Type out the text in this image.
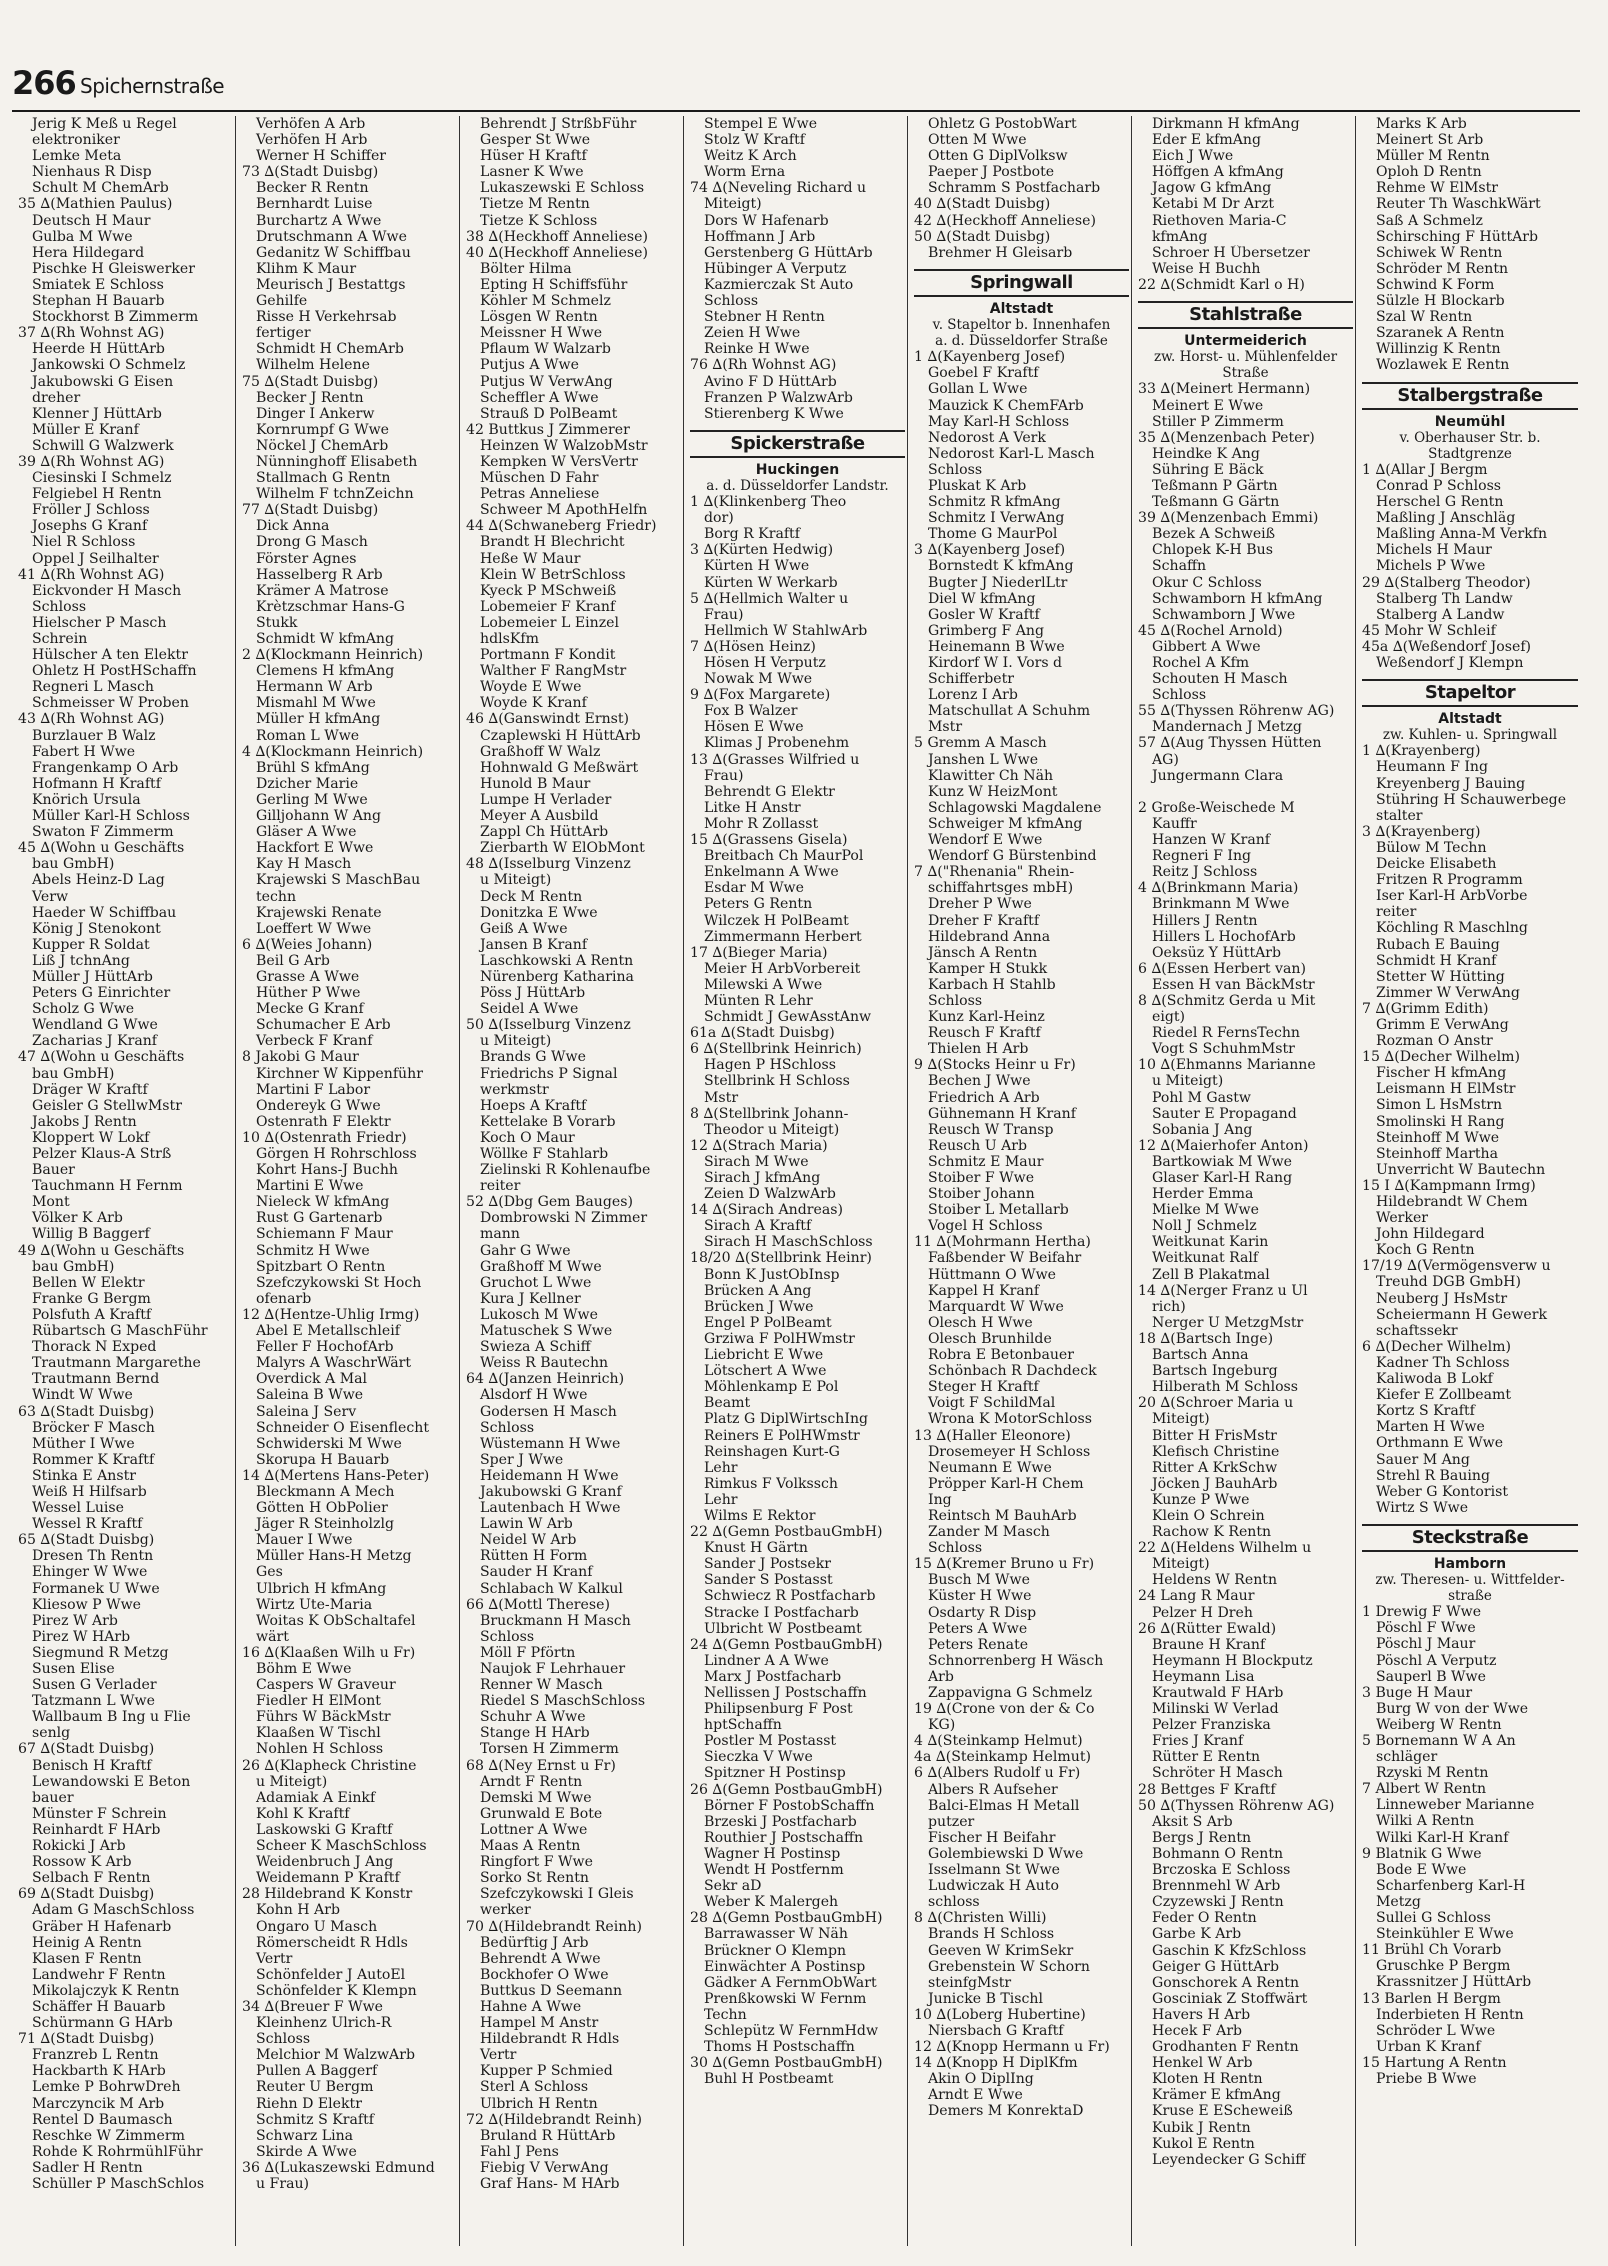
266 Spichernstraße
Jerig K Meß u Regel
elektroniker
Lemke Meta
Nienhaus R Disp
Schult M ChemArb
35 ∆(Mathien Paulus)
Deutsch H Maur
Gulba M Wwe
Hera Hildegard
Pischke H Gleiswerker
Smiatek E Schloss
Stephan H Bauarb
Stockhorst B Zimmerm
37 ∆(Rh Wohnst AG)
Heerde H HüttArb
Jankowski O Schmelz
Jakubowski G Eisen
dreher
Klenner J HüttArb
Müller E Kranf
Schwill G Walzwerk
39 ∆(Rh Wohnst AG)
Ciesinski I Schmelz
Felgiebel H Rentn
Fröller J Schloss
Josephs G Kranf
Niel R Schloss
Oppel J Seilhalter
41 ∆(Rh Wohnst AG)
Eickvonder H Masch
Schloss
Hielscher P Masch
Schrein
Hülscher A ten Elektr
Ohletz H PostHSchaffn
Regneri L Masch
Schmeisser W Proben
43 ∆(Rh Wohnst AG)
Burzlauer B Walz
Fabert H Wwe
Frangenkamp O Arb
Hofmann H Kraftf
Knörich Ursula
Müller Karl-H Schloss
Swaton F Zimmerm
45 ∆(Wohn u Geschäfts
bau GmbH)
Abels Heinz-D Lag
Verw
Haeder W Schiffbau
König J Stenokont
Kupper R Soldat
Liß J tchnAng
Müller J HüttArb
Peters G Einrichter
Scholz G Wwe
Wendland G Wwe
Zacharias J Kranf
47 ∆(Wohn u Geschäfts
bau GmbH)
Dräger W Kraftf
Geisler G StellwMstr
Jakobs J Rentn
Kloppert W Lokf
Pelzer Klaus-A Strß
Bauer
Tauchmann H Fernm
Mont
Völker K Arb
Willig B Baggerf
49 ∆(Wohn u Geschäfts
bau GmbH)
Bellen W Elektr
Franke G Bergm
Polsfuth A Kraftf
Rübartsch G MaschFühr
Thorack N Exped
Trautmann Margarethe
Trautmann Bernd
Windt W Wwe
63 ∆(Stadt Duisbg)
Bröcker F Masch
Müther I Wwe
Rommer K Kraftf
Stinka E Anstr
Weiß H Hilfsarb
Wessel Luise
Wessel R Kraftf
65 ∆(Stadt Duisbg)
Dresen Th Rentn
Ehinger W Wwe
Formanek U Wwe
Kliesow P Wwe
Pirez W Arb
Pirez W HArb
Siegmund R Metzg
Susen Elise
Susen G Verlader
Tatzmann L Wwe
Wallbaum B Ing u Flie
senlg
67 ∆(Stadt Duisbg)
Benisch H Kraftf
Lewandowski E Beton
bauer
Münster F Schrein
Reinhardt F HArb
Rokicki J Arb
Rossow K Arb
Selbach F Rentn
69 ∆(Stadt Duisbg)
Adam G MaschSchloss
Gräber H Hafenarb
Heinig A Rentn
Klasen F Rentn
Landwehr F Rentn
Mikolajczyk K Rentn
Schäffer H Bauarb
Schürmann G HArb
71 ∆(Stadt Duisbg)
Franzreb L Rentn
Hackbarth K HArb
Lemke P BohrwDreh
Marczyncik M Arb
Rentel D Baumasch
Reschke W Zimmerm
Rohde K RohrmühlFühr
Sadler H Rentn
Schüller P MaschSchlos
Verhöfen A Arb
Verhöfen H Arb
Werner H Schiffer
73 ∆(Stadt Duisbg)
Becker R Rentn
Bernhardt Luise
Burchartz A Wwe
Drutschmann A Wwe
Gedanitz W Schiffbau
Klihm K Maur
Meurisch J Bestattgs
Gehilfe
Risse H Verkehrsab
fertiger
Schmidt H ChemArb
Wilhelm Helene
75 ∆(Stadt Duisbg)
Becker J Rentn
Dinger I Ankerw
Kornrumpf G Wwe
Nöckel J ChemArb
Nünninghoff Elisabeth
Stallmach G Rentn
Wilhelm F tchnZeichn
77 ∆(Stadt Duisbg)
Dick Anna
Drong G Masch
Förster Agnes
Hasselberg R Arb
Krämer A Matrose
Krètzschmar Hans-G
Stukk
Schmidt W kfmAng
2 ∆(Klockmann Heinrich)
Clemens H kfmAng
Hermann W Arb
Mismahl M Wwe
Müller H kfmAng
Roman L Wwe
4 ∆(Klockmann Heinrich)
Brühl S kfmAng
Dzicher Marie
Gerling M Wwe
Gilljohann W Ang
Gläser A Wwe
Hackfort E Wwe
Kay H Masch
Krajewski S MaschBau
techn
Krajewski Renate
Loeffert W Wwe
6 ∆(Weies Johann)
Beil G Arb
Grasse A Wwe
Hüther P Wwe
Mecke G Kranf
Schumacher E Arb
Verbeck F Kranf
8 Jakobi G Maur
Kirchner W Kippenführ
Martini F Labor
Ondereyk G Wwe
Ostenrath F Elektr
10 ∆(Ostenrath Friedr)
Görgen H Rohrschloss
Kohrt Hans-J Buchh
Martini E Wwe
Nieleck W kfmAng
Rust G Gartenarb
Schiemann F Maur
Schmitz H Wwe
Spitzbart O Rentn
Szefczykowski St Hoch
ofenarb
12 ∆(Hentze-Uhlig Irmg)
Abel E Metallschleif
Feller F HochofArb
Malyrs A WaschrWärt
Overdick A Mal
Saleina B Wwe
Saleina J Serv
Schneider O Eisenflecht
Schwiderski M Wwe
Skorupa H Bauarb
14 ∆(Mertens Hans-Peter)
Bleckmann A Mech
Götten H ObPolier
Jäger R Steinholzlg
Mauer I Wwe
Müller Hans-H Metzg
Ges
Ulbrich H kfmAng
Wirtz Ute-Maria
Woitas K ObSchaltafel
wärt
16 ∆(Klaaßen Wilh u Fr)
Böhm E Wwe
Caspers W Graveur
Fiedler H ElMont
Führs W BäckMstr
Klaaßen W Tischl
Nohlen H Schloss
26 ∆(Klapheck Christine
u Miteigt)
Adamiak A Einkf
Kohl K Kraftf
Laskowski G Kraftf
Scheer K MaschSchloss
Weidenbruch J Ang
Weidemann P Kraftf
28 Hildebrand K Konstr
Kohn H Arb
Ongaro U Masch
Römerscheidt R Hdls
Vertr
Schönfelder J AutoEl
Schönfelder K Klempn
34 ∆(Breuer F Wwe
Kleinhenz Ulrich-R
Schloss
Melchior M WalzwArb
Pullen A Baggerf
Reuter U Bergm
Riehn D Elektr
Schmitz S Kraftf
Schwarz Lina
Skirde A Wwe
36 ∆(Lukaszewski Edmund
u Frau)
Behrendt J StrßbFühr
Gesper St Wwe
Hüser H Kraftf
Lasner K Wwe
Lukaszewski E Schloss
Tietze M Rentn
Tietze K Schloss
38 ∆(Heckhoff Anneliese)
40 ∆(Heckhoff Anneliese)
Bölter Hilma
Epting H Schiffsführ
Köhler M Schmelz
Lösgen W Rentn
Meissner H Wwe
Pflaum W Walzarb
Putjus A Wwe
Putjus W VerwAng
Scheffler A Wwe
Strauß D PolBeamt
42 Buttkus J Zimmerer
Heinzen W WalzobMstr
Kempken W VersVertr
Müschen D Fahr
Petras Anneliese
Schweer M ApothHelfn
44 ∆(Schwaneberg Friedr)
Brandt H Blechricht
Heße W Maur
Klein W BetrSchloss
Kyeck P MSchweiß
Lobemeier F Kranf
Lobemeier L Einzel
hdlsKfm
Portmann F Kondit
Walther F RangMstr
Woyde E Wwe
Woyde K Kranf
46 ∆(Ganswindt Ernst)
Czaplewski H HüttArb
Graßhoff W Walz
Hohnwald G Meßwärt
Hunold B Maur
Lumpe H Verlader
Meyer A Ausbild
Zappl Ch HüttArb
Zierbarth W ElObMont
48 ∆(Isselburg Vinzenz
u Miteigt)
Deck M Rentn
Donitzka E Wwe
Geiß A Wwe
Jansen B Kranf
Laschkowski A Rentn
Nürenberg Katharina
Pöss J HüttArb
Seidel A Wwe
50 ∆(Isselburg Vinzenz
u Miteigt)
Brands G Wwe
Friedrichs P Signal
werkmstr
Hoeps A Kraftf
Kettelake B Vorarb
Koch O Maur
Wöllke F Stahlarb
Zielinski R Kohlenaufbe
reiter
52 ∆(Dbg Gem Bauges)
Dombrowski N Zimmer
mann
Gahr G Wwe
Graßhoff M Wwe
Gruchot L Wwe
Kura J Kellner
Lukosch M Wwe
Matuschek S Wwe
Swieza A Schiff
Weiss R Bautechn
64 ∆(Janzen Heinrich)
Alsdorf H Wwe
Godersen H Masch
Schloss
Wüstemann H Wwe
Sper J Wwe
Heidemann H Wwe
Jakubowski G Kranf
Lautenbach H Wwe
Lawin W Arb
Neidel W Arb
Rütten H Form
Sauder H Kranf
Schlabach W Kalkul
66 ∆(Mottl Therese)
Bruckmann H Masch
Schloss
Möll F Pförtn
Naujok F Lehrhauer
Renner W Masch
Riedel S MaschSchloss
Schuhr A Wwe
Stange H HArb
Torsen H Zimmerm
68 ∆(Ney Ernst u Fr)
Arndt F Rentn
Demski M Wwe
Grunwald E Bote
Lottner A Wwe
Maas A Rentn
Ringfort F Wwe
Sorko St Rentn
Szefczykowski I Gleis
werker
70 ∆(Hildebrandt Reinh)
Bedürftig J Arb
Behrendt A Wwe
Bockhofer O Wwe
Buttkus D Seemann
Hahne A Wwe
Hampel M Anstr
Hildebrandt R Hdls
Vertr
Kupper P Schmied
Sterl A Schloss
Ulbrich H Rentn
72 ∆(Hildebrandt Reinh)
Bruland R HüttArb
Fahl J Pens
Fiebig V VerwAng
Graf Hans- M HArb
Stempel E Wwe
Stolz W Kraftf
Weitz K Arch
Worm Erna
74 ∆(Neveling Richard u
Miteigt)
Dors W Hafenarb
Hoffmann J Arb
Gerstenberg G HüttArb
Hübinger A Verputz
Kazmierczak St Auto
Schloss
Stebner H Rentn
Zeien H Wwe
Reinke H Wwe
76 ∆(Rh Wohnst AG)
Avino F D HüttArb
Franzen P WalzwArb
Stierenberg K Wwe
Spickerstraße
Huckingen
a. d. Düsseldorfer Landstr.
1 ∆(Klinkenberg Theo
dor)
Borg R Kraftf
3 ∆(Kürten Hedwig)
Kürten H Wwe
Kürten W Werkarb
5 ∆(Hellmich Walter u
Frau)
Hellmich W StahlwArb
7 ∆(Hösen Heinz)
Hösen H Verputz
Nowak M Wwe
9 ∆(Fox Margarete)
Fox B Walzer
Hösen E Wwe
Klimas J Probenehm
13 ∆(Grasses Wilfried u
Frau)
Behrendt G Elektr
Litke H Anstr
Mohr R Zollasst
15 ∆(Grassens Gisela)
Breitbach Ch MaurPol
Enkelmann A Wwe
Esdar M Wwe
Peters G Rentn
Wilczek H PolBeamt
Zimmermann Herbert
17 ∆(Bieger Maria)
Meier H ArbVorbereit
Milewski A Wwe
Münten R Lehr
Schmidt J GewAsstAnw
61a ∆(Stadt Duisbg)
6 ∆(Stellbrink Heinrich)
Hagen P HSchloss
Stellbrink H Schloss
Mstr
8 ∆(Stellbrink Johann-
Theodor u Miteigt)
12 ∆(Strach Maria)
Sirach M Wwe
Sirach J kfmAng
Zeien D WalzwArb
14 ∆(Sirach Andreas)
Sirach A Kraftf
Sirach H MaschSchloss
18/20 ∆(Stellbrink Heinr)
Bonn K JustObInsp
Brücken A Ang
Brücken J Wwe
Engel P PolBeamt
Grziwa F PolHWmstr
Liebricht E Wwe
Lötschert A Wwe
Möhlenkamp E Pol
Beamt
Platz G DiplWirtschIng
Reiners E PolHWmstr
Reinshagen Kurt-G
Lehr
Rimkus F Volkssch
Lehr
Wilms E Rektor
22 ∆(Gemn PostbauGmbH)
Knust H Gärtn
Sander J Postsekr
Sander S Postasst
Schwiecz R Postfacharb
Stracke I Postfacharb
Ulbricht W Postbeamt
24 ∆(Gemn PostbauGmbH)
Lindner A A Wwe
Marx J Postfacharb
Nellissen J Postschaffn
Philipsenburg F Post
hptSchaffn
Postler M Postasst
Sieczka V Wwe
Spitzner H Postinsp
26 ∆(Gemn PostbauGmbH)
Börner F PostobSchaffn
Brzeski J Postfacharb
Routhier J Postschaffn
Wagner H Postinsp
Wendt H Postfernm
Sekr aD
Weber K Malergeh
28 ∆(Gemn PostbauGmbH)
Barrawasser W Näh
Brückner O Klempn
Einwächter A Postinsp
Gädker A FernmObWart
Prenßkowski W Fernm
Techn
Schlepütz W FernmHdw
Thoms H Postschaffn
30 ∆(Gemn PostbauGmbH)
Buhl H Postbeamt
Ohletz G PostobWart
Otten M Wwe
Otten G DiplVolksw
Paeper J Postbote
Schramm S Postfacharb
40 ∆(Stadt Duisbg)
42 ∆(Heckhoff Anneliese)
50 ∆(Stadt Duisbg)
Brehmer H Gleisarb
Springwall
Altstadt
v. Stapeltor b. Innenhafen
a. d. Düsseldorfer Straße
1 ∆(Kayenberg Josef)
Goebel F Kraftf
Gollan L Wwe
Mauzick K ChemFArb
May Karl-H Schloss
Nedorost A Verk
Nedorost Karl-L Masch
Schloss
Pluskat K Arb
Schmitz R kfmAng
Schmitz I VerwAng
Thome G MaurPol
3 ∆(Kayenberg Josef)
Bornstedt K kfmAng
Bugter J NiederlLtr
Diel W kfmAng
Gosler W Kraftf
Grimberg F Ang
Heinemann B Wwe
Kirdorf W I. Vors d
Schifferbetr
Lorenz I Arb
Matschullat A Schuhm
Mstr
5 Gremm A Masch
Janshen L Wwe
Klawitter Ch Näh
Kunz W HeizMont
Schlagowski Magdalene
Schweiger M kfmAng
Wendorf E Wwe
Wendorf G Bürstenbind
7 ∆("Rhenania" Rhein-
schiffahrtsges mbH)
Dreher P Wwe
Dreher F Kraftf
Hildebrand Anna
Jänsch A Rentn
Kamper H Stukk
Karbach H Stahlb
Schloss
Kunz Karl-Heinz
Reusch F Kraftf
Thielen H Arb
9 ∆(Stocks Heinr u Fr)
Bechen J Wwe
Friedrich A Arb
Gühnemann H Kranf
Reusch W Transp
Reusch U Arb
Schmitz E Maur
Stoiber F Wwe
Stoiber Johann
Stoiber L Metallarb
Vogel H Schloss
11 ∆(Mohrmann Hertha)
Faßbender W Beifahr
Hüttmann O Wwe
Kappel H Kranf
Marquardt W Wwe
Olesch H Wwe
Olesch Brunhilde
Robra E Betonbauer
Schönbach R Dachdeck
Steger H Kraftf
Voigt F SchildMal
Wrona K MotorSchloss
13 ∆(Haller Eleonore)
Drosemeyer H Schloss
Neumann E Wwe
Pröpper Karl-H Chem
Ing
Reintsch M BauhArb
Zander M Masch
Schloss
15 ∆(Kremer Bruno u Fr)
Busch M Wwe
Küster H Wwe
Osdarty R Disp
Peters A Wwe
Peters Renate
Schnorrenberg H Wäsch
Arb
Zappavigna G Schmelz
19 ∆(Crone von der & Co
KG)
4 ∆(Steinkamp Helmut)
4a ∆(Steinkamp Helmut)
6 ∆(Albers Rudolf u Fr)
Albers R Aufseher
Balci-Elmas H Metall
putzer
Fischer H Beifahr
Golembiewski D Wwe
Isselmann St Wwe
Ludwiczak H Auto
schloss
8 ∆(Christen Willi)
Brands H Schloss
Geeven W KrimSekr
Grebenstein W Schorn
steinfgMstr
Junicke B Tischl
10 ∆(Loberg Hubertine)
Niersbach G Kraftf
12 ∆(Knopp Hermann u Fr)
14 ∆(Knopp H DiplKfm
Akin O DiplIng
Arndt E Wwe
Demers M KonrektaD
Dirkmann H kfmAng
Eder E kfmAng
Eich J Wwe
Höffgen A kfmAng
Jagow G kfmAng
Ketabi M Dr Arzt
Riethoven Maria-C
kfmAng
Schroer H Übersetzer
Weise H Buchh
22 ∆(Schmidt Karl o H)
Stahlstraße
Untermeiderich
zw. Horst- u. Mühlenfelder
Straße
33 ∆(Meinert Hermann)
Meinert E Wwe
Stiller P Zimmerm
35 ∆(Menzenbach Peter)
Heindke K Ang
Sühring E Bäck
Teßmann P Gärtn
Teßmann G Gärtn
39 ∆(Menzenbach Emmi)
Bezek A Schweiß
Chlopek K-H Bus
Schaffn
Okur C Schloss
Schwamborn H kfmAng
Schwamborn J Wwe
45 ∆(Rochel Arnold)
Gibbert A Wwe
Rochel A Kfm
Schouten H Masch
Schloss
55 ∆(Thyssen Röhrenw AG)
Mandernach J Metzg
57 ∆(Aug Thyssen Hütten
AG)
Jungermann Clara

2 Große-Weischede M
Kauffr
Hanzen W Kranf
Regneri F Ing
Reitz J Schloss
4 ∆(Brinkmann Maria)
Brinkmann M Wwe
Hillers J Rentn
Hillers L HochofArb
Oeksüz Y HüttArb
6 ∆(Essen Herbert van)
Essen H van BäckMstr
8 ∆(Schmitz Gerda u Mit
eigt)
Riedel R FernsTechn
Vogt S SchuhmMstr
10 ∆(Ehmanns Marianne
u Miteigt)
Pohl M Gastw
Sauter E Propagand
Sobania J Ang
12 ∆(Maierhofer Anton)
Bartkowiak M Wwe
Glaser Karl-H Rang
Herder Emma
Mielke M Wwe
Noll J Schmelz
Weitkunat Karin
Weitkunat Ralf
Zell B Plakatmal
14 ∆(Nerger Franz u Ul
rich)
Nerger U MetzgMstr
18 ∆(Bartsch Inge)
Bartsch Anna
Bartsch Ingeburg
Hilberath M Schloss
20 ∆(Schroer Maria u
Miteigt)
Bitter H FrisMstr
Klefisch Christine
Ritter A KrkSchw
Jöcken J BauhArb
Kunze P Wwe
Klein O Schrein
Rachow K Rentn
22 ∆(Heldens Wilhelm u
Miteigt)
Heldens W Rentn
24 Lang R Maur
Pelzer H Dreh
26 ∆(Rütter Ewald)
Braune H Kranf
Heymann H Blockputz
Heymann Lisa
Krautwald F HArb
Milinski W Verlad
Pelzer Franziska
Fries J Kranf
Rütter E Rentn
Schröter H Masch
28 Bettges F Kraftf
50 ∆(Thyssen Röhrenw AG)
Aksit S Arb
Bergs J Rentn
Bohmann O Rentn
Brczoska E Schloss
Brennmehl W Arb
Czyzewski J Rentn
Feder O Rentn
Garbe K Arb
Gaschin K KfzSchloss
Geiger G HüttArb
Gonschorek A Rentn
Gosciniak Z Stoffwärt
Havers H Arb
Hecek F Arb
Grodhanten F Rentn
Henkel W Arb
Kloten H Rentn
Krämer E kfmAng
Kruse E EScheweiß
Kubik J Rentn
Kukol E Rentn
Leyendecker G Schiff
Marks K Arb
Meinert St Arb
Müller M Rentn
Oploh D Rentn
Rehme W ElMstr
Reuter Th WaschkWärt
Saß A Schmelz
Schirsching F HüttArb
Schiwek W Rentn
Schröder M Rentn
Schwind K Form
Sülzle H Blockarb
Szal W Rentn
Szaranek A Rentn
Willinzig K Rentn
Wozlawek E Rentn
Stalbergstraße
Neumühl
v. Oberhauser Str. b.
Stadtgrenze
1 ∆(Allar J Bergm
Conrad P Schloss
Herschel G Rentn
Maßling J Anschläg
Maßling Anna-M Verkfn
Michels H Maur
Michels P Wwe
29 ∆(Stalberg Theodor)
Stalberg Th Landw
Stalberg A Landw
45 Mohr W Schleif
45a ∆(Weßendorf Josef)
Weßendorf J Klempn
Stapeltor
Altstadt
zw. Kuhlen- u. Springwall
1 ∆(Krayenberg)
Heumann F Ing
Kreyenberg J Bauing
Stühring H Schauwerbege
stalter
3 ∆(Krayenberg)
Bülow M Techn
Deicke Elisabeth
Fritzen R Programm
Iser Karl-H ArbVorbe
reiter
Köchling R Maschlng
Rubach E Bauing
Schmidt H Kranf
Stetter W Hütting
Zimmer W VerwAng
7 ∆(Grimm Edith)
Grimm E VerwAng
Rozman O Anstr
15 ∆(Decher Wilhelm)
Fischer H kfmAng
Leismann H ElMstr
Simon L HsMstrn
Smolinski H Rang
Steinhoff M Wwe
Steinhoff Martha
Unverricht W Bautechn
15 I ∆(Kampmann Irmg)
Hildebrandt W Chem
Werker
John Hildegard
Koch G Rentn
17/19 ∆(Vermögensverw u
Treuhd DGB GmbH)
Neuberg J HsMstr
Scheiermann H Gewerk
schaftssekr
6 ∆(Decher Wilhelm)
Kadner Th Schloss
Kaliwoda B Lokf
Kiefer E Zollbeamt
Kortz S Kraftf
Marten H Wwe
Orthmann E Wwe
Sauer M Ang
Strehl R Bauing
Weber G Kontorist
Wirtz S Wwe
Steckstraße
Hamborn
zw. Theresen- u. Wittfelder-
straße
1 Drewig F Wwe
Pöschl F Wwe
Pöschl J Maur
Pöschl A Verputz
Sauperl B Wwe
3 Buge H Maur
Burg W von der Wwe
Weiberg W Rentn
5 Bornemann W A An
schläger
Rzyski M Rentn
7 Albert W Rentn
Linneweber Marianne
Wilki A Rentn
Wilki Karl-H Kranf
9 Blatnik G Wwe
Bode E Wwe
Scharfenberg Karl-H
Metzg
Sullei G Schloss
Steinkühler E Wwe
11 Brühl Ch Vorarb
Gruschke P Bergm
Krassnitzer J HüttArb
13 Barlen H Bergm
Inderbieten H Rentn
Schröder L Wwe
Urban K Kranf
15 Hartung A Rentn
Priebe B Wwe
